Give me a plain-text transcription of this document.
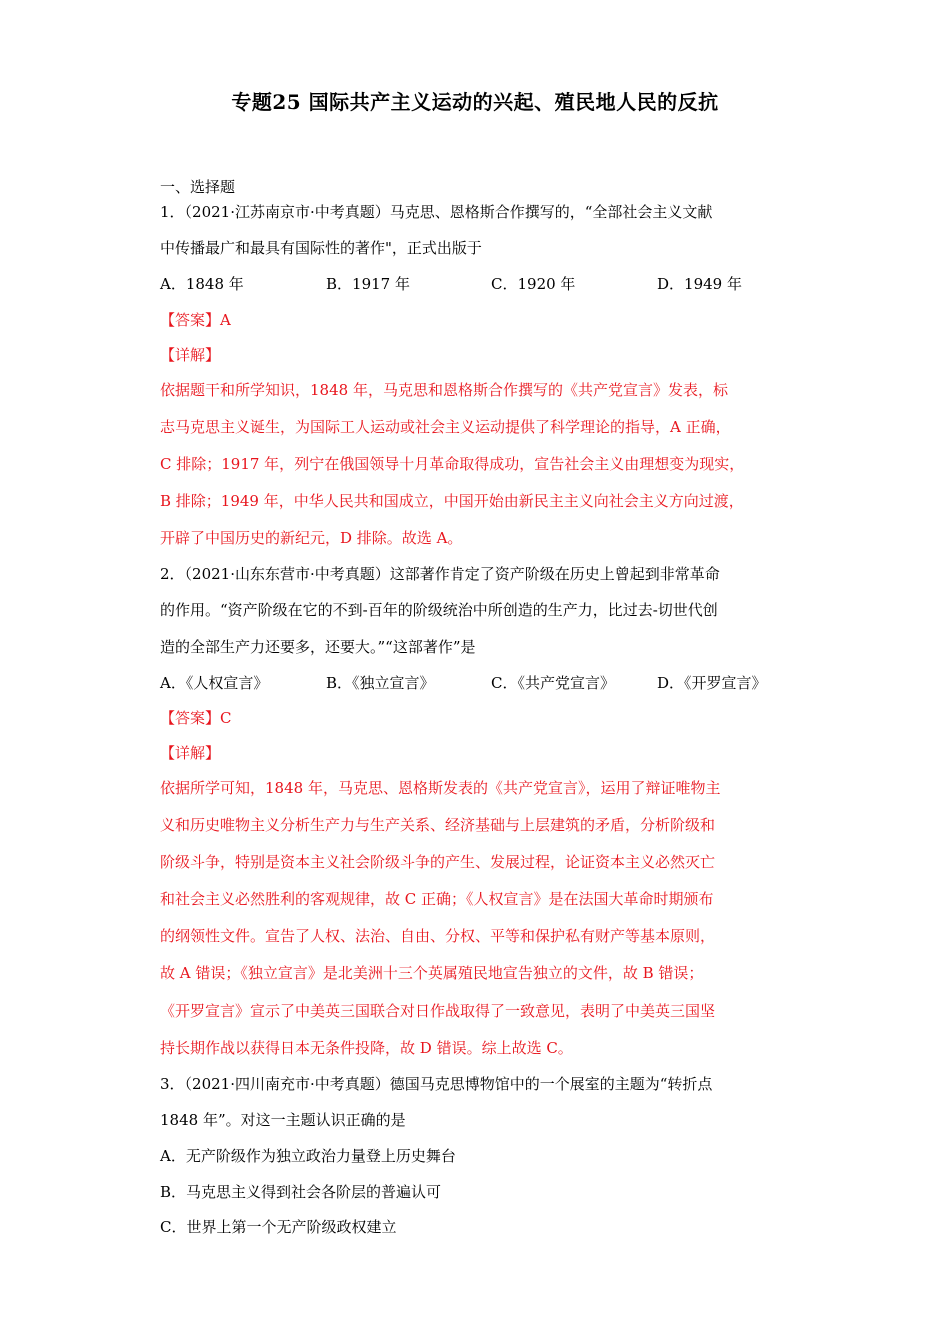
专题25 国际共产主义运动的兴起、殖民地人民的反抗
一、选择题
1．（2021·江苏南京市·中考真题）马克思、恩格斯合作撰写的，“全部社会主义文献
中传播最广和最具有国际性的著作"，正式出版于
A．1848 年	B．1917 年	C．1920 年	D．1949 年
【答案】A
【详解】
依据题干和所学知识，1848 年，马克思和恩格斯合作撰写的《共产党宣言》发表，标
志马克思主义诞生，为国际工人运动或社会主义运动提供了科学理论的指导，A 正确，
C 排除；1917 年，列宁在俄国领导十月革命取得成功，宣告社会主义由理想变为现实，
B 排除；1949 年，中华人民共和国成立，中国开始由新民主主义向社会主义方向过渡，
开辟了中国历史的新纪元，D 排除。故选 A。
2．（2021·山东东营市·中考真题）这部著作肯定了资产阶级在历史上曾起到非常革命
的作用。“资产阶级在它的不到-百年的阶级统治中所创造的生产力，比过去-切世代创
造的全部生产力还要多，还要大。”“这部著作”是
A．《人权宣言》	B．《独立宣言》	C．《共产党宣言》	D．《开罗宣言》
【答案】C
【详解】
依据所学可知，1848 年，马克思、恩格斯发表的《共产党宣言》，运用了辩证唯物主
义和历史唯物主义分析生产力与生产关系、经济基础与上层建筑的矛盾，分析阶级和
阶级斗争，特别是资本主义社会阶级斗争的产生、发展过程，论证资本主义必然灭亡
和社会主义必然胜利的客观规律，故 C 正确；《人权宣言》是在法国大革命时期颁布
的纲领性文件。宣告了人权、法治、自由、分权、平等和保护私有财产等基本原则，
故 A 错误；《独立宣言》是北美洲十三个英属殖民地宣告独立的文件，故 B 错误；
《开罗宣言》宣示了中美英三国联合对日作战取得了一致意见，表明了中美英三国坚
持长期作战以获得日本无条件投降，故 D 错误。综上故选 C。
3．（2021·四川南充市·中考真题）德国马克思博物馆中的一个展室的主题为“转折点
1848 年”。对这一主题认识正确的是
A．无产阶级作为独立政治力量登上历史舞台
B．马克思主义得到社会各阶层的普遍认可
C．世界上第一个无产阶级政权建立
